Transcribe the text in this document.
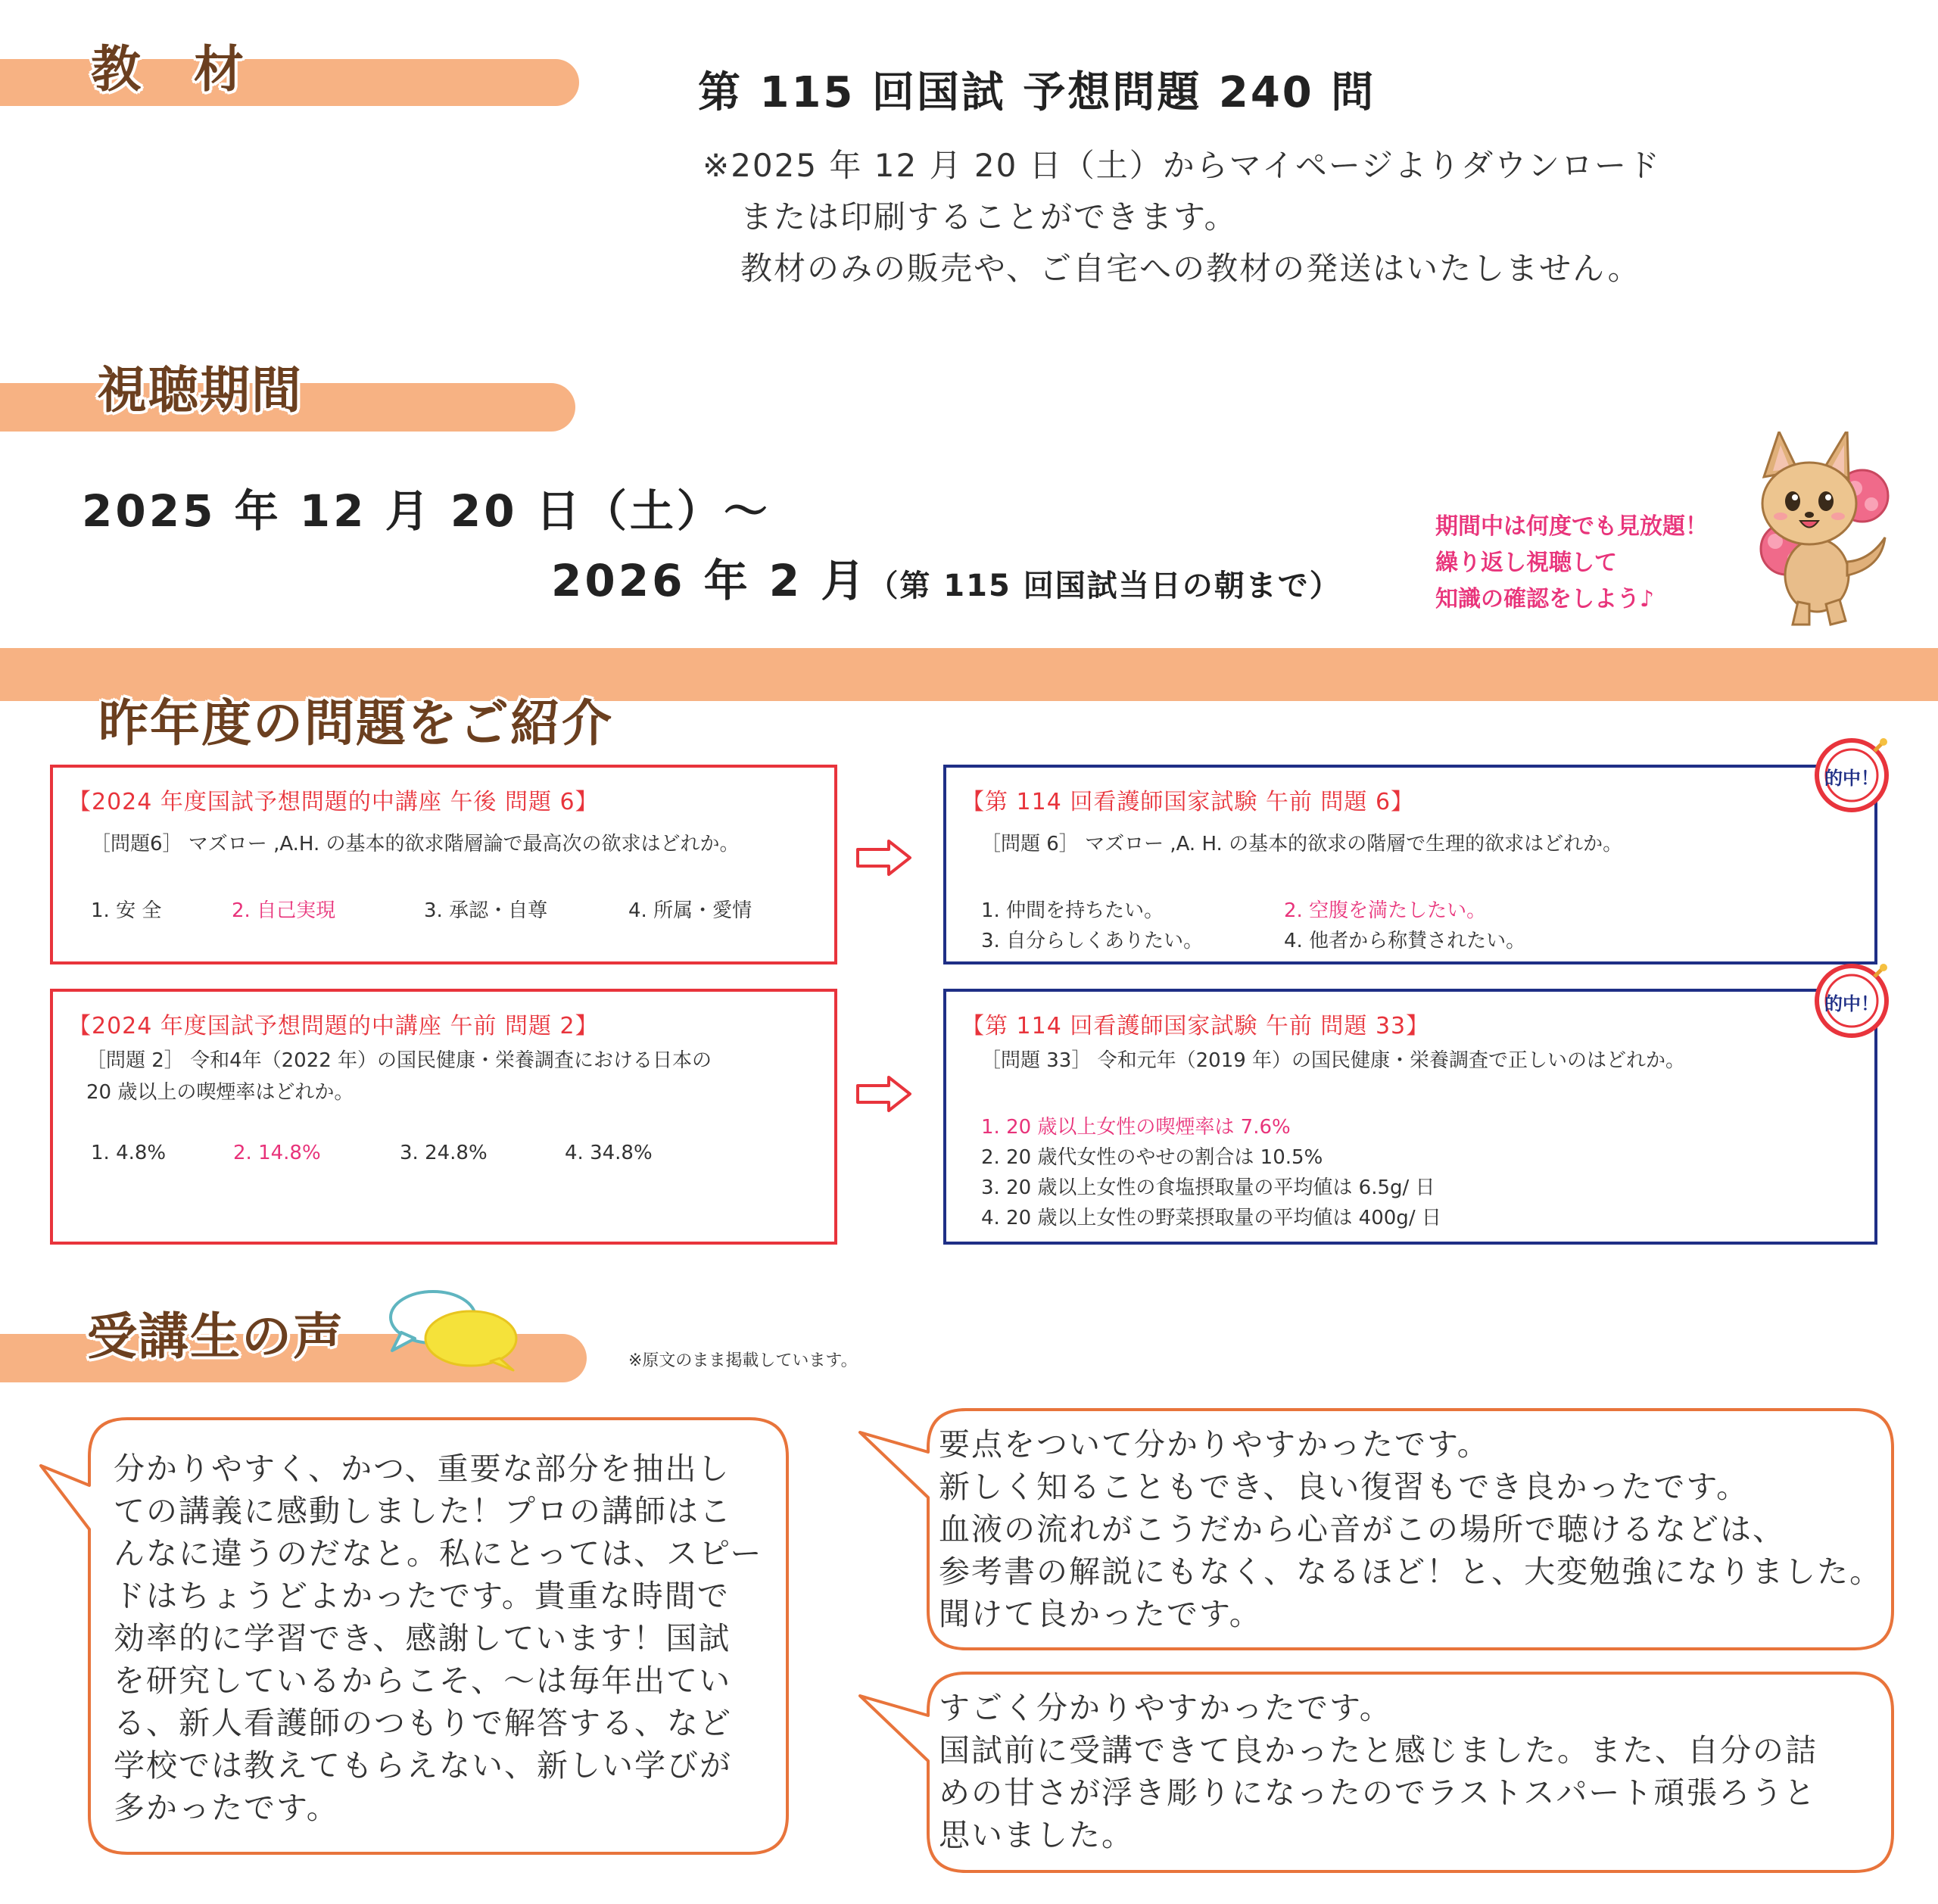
教　材	第 115 回国試 予想問題 240 問
※2025 年 12 月 20 日（土）からマイページよりダウンロード
または印刷することができます。
教材のみの販売や、ご自宅への教材の発送はいたしません。
視聴期間
2025 年 12 月 20 日（土）～
2026 年 2 月（第 115 回国試当日の朝まで）
期間中は何度でも見放題！
繰り返し視聴して
知識の確認をしよう♪
昨年度の問題をご紹介
【2024 年度国試予想問題的中講座 午後 問題 6】
［問題6］ マズロー ,A.H. の基本的欲求階層論で最高次の欲求はどれか。
1. 安 全	2. 自己実現	3. 承認・自尊	4. 所属・愛情
【第 114 回看護師国家試験 午前 問題 6】
［問題 6］ マズロー ,A. H. の基本的欲求の階層で生理的欲求はどれか。
1. 仲間を持ちたい。	2. 空腹を満たしたい。
3. 自分らしくありたい。	4. 他者から称賛されたい。
的中！
【2024 年度国試予想問題的中講座 午前 問題 2】
［問題 2］ 令和4年（2022 年）の国民健康・栄養調査における日本の
20 歳以上の喫煙率はどれか。
1. 4.8%	2. 14.8%	3. 24.8%	4. 34.8%
【第 114 回看護師国家試験 午前 問題 33】
［問題 33］ 令和元年（2019 年）の国民健康・栄養調査で正しいのはどれか。
1. 20 歳以上女性の喫煙率は 7.6%
2. 20 歳代女性のやせの割合は 10.5%
3. 20 歳以上女性の食塩摂取量の平均値は 6.5g/ 日
4. 20 歳以上女性の野菜摂取量の平均値は 400g/ 日
的中！
受講生の声	※原文のまま掲載しています。
分かりやすく、かつ、重要な部分を抽出し
ての講義に感動しました！プロの講師はこ
んなに違うのだなと。私にとっては、スピー
ドはちょうどよかったです。貴重な時間で
効率的に学習でき、感謝しています！国試
を研究しているからこそ、～は毎年出てい
る、新人看護師のつもりで解答する、など
学校では教えてもらえない、新しい学びが
多かったです。
要点をついて分かりやすかったです。
新しく知ることもでき、良い復習もでき良かったです。
血液の流れがこうだから心音がこの場所で聴けるなどは、
参考書の解説にもなく、なるほど！と、大変勉強になりました。
聞けて良かったです。
すごく分かりやすかったです。
国試前に受講できて良かったと感じました。また、自分の詰
めの甘さが浮き彫りになったのでラストスパート頑張ろうと
思いました。
